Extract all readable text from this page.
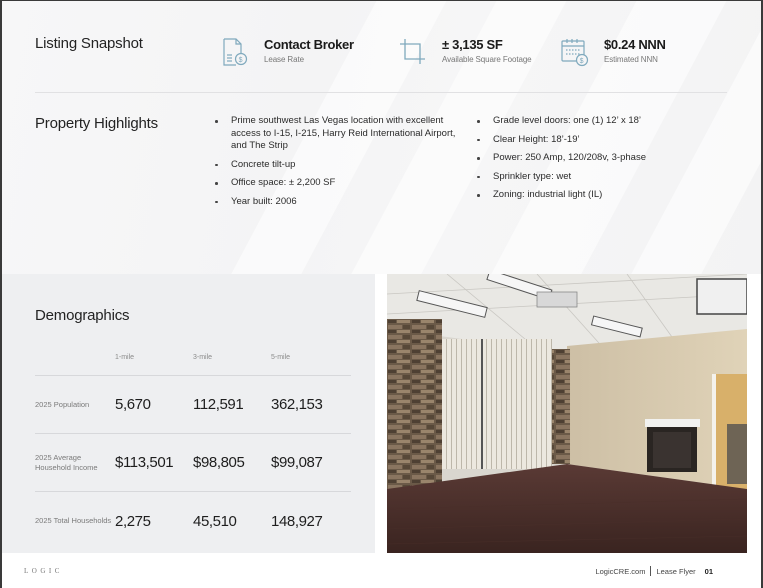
Listing Snapshot
$
Contact Broker
Lease Rate
± 3,135 SF
Available Square Footage	$
$0.24 NNN
Estimated NNN
Property Highlights	Prime southwest Las Vegas location with excellent access to I-15, I-215, Harry Reid International Airport, and The Strip
Concrete tilt-up
Office space: ± 2,200 SF
Year built: 2006
Grade level doors: one (1) 12’ x 18’
Clear Height: 18’-19’
Power: 250 Amp, 120/208v, 3-phase
Sprinkler type: wet
Zoning: industrial light (IL)
Demographics
1-mile	3-mile	5-mile
2025 Population	5,670	112,591	362,153
2025 Average Household Income	$113,501	$98,805	$99,087
2025 Total Households 2,275	45,510	148,927
LOGIC	LogicCRE.com Lease Flyer 01
